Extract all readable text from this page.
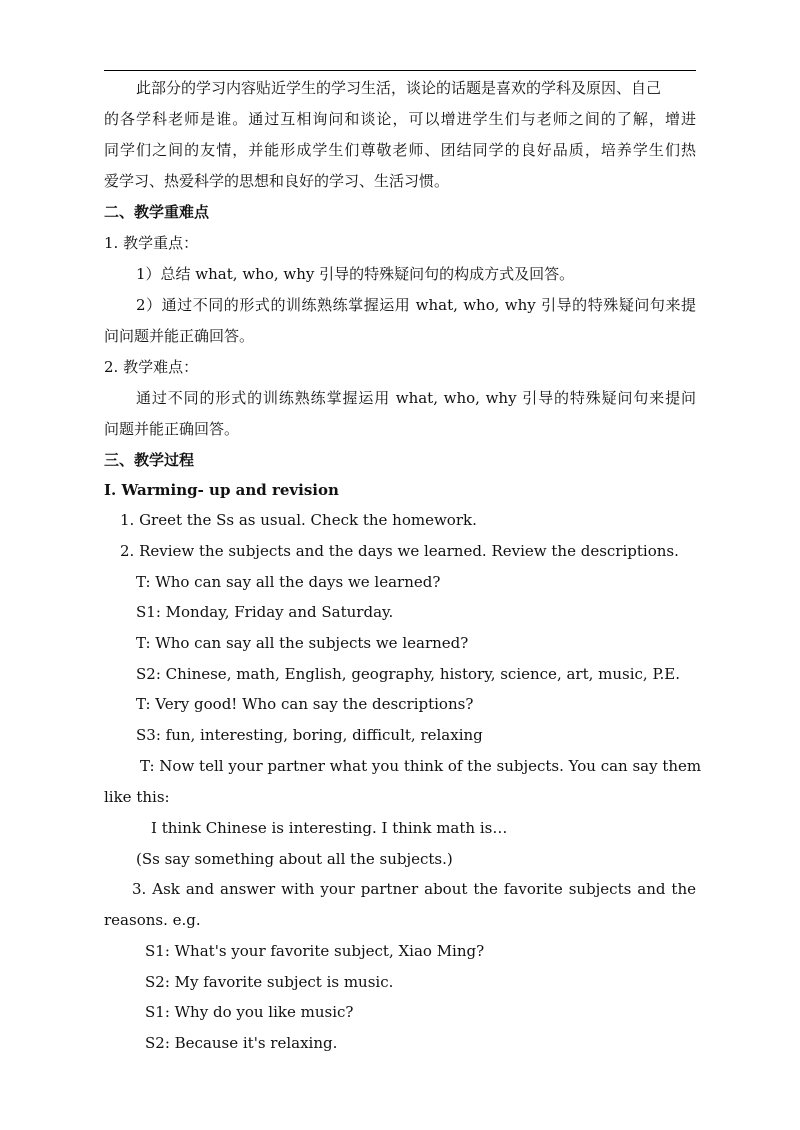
此部分的学习内容贴近学生的学习生活，谈论的话题是喜欢的学科及原因、自己
的各学科老师是谁。通过互相询问和谈论，可以增进学生们与老师之间的了解，增进
同学们之间的友情，并能形成学生们尊敬老师、团结同学的良好品质，培养学生们热
爱学习、热爱科学的思想和良好的学习、生活习惯。
二、教学重难点
1. 教学重点：
1）总结 what, who, why 引导的特殊疑问句的构成方式及回答。
2）通过不同的形式的训练熟练掌握运用 what, who, why 引导的特殊疑问句来提
问问题并能正确回答。
2. 教学难点：
通过不同的形式的训练熟练掌握运用 what, who, why 引导的特殊疑问句来提问
问题并能正确回答。
三、教学过程
Ⅰ. Warming- up and revision
1. Greet the Ss as usual. Check the homework.
2. Review the subjects and the days we learned. Review the descriptions.
T: Who can say all the days we learned?
S1: Monday, Friday and Saturday.
T: Who can say all the subjects we learned?
S2: Chinese, math, English, geography, history, science, art, music, P.E.
T: Very good! Who can say the descriptions?
S3: fun, interesting, boring, difficult, relaxing
T: Now tell your partner what you think of the subjects. You can say them
like this:
I think Chinese is interesting. I think math is…
(Ss say something about all the subjects.)
3. Ask and answer with your partner about the favorite subjects and the
reasons. e.g.
S1: What's your favorite subject, Xiao Ming?
S2: My favorite subject is music.
S1: Why do you like music?
S2: Because it's relaxing.
